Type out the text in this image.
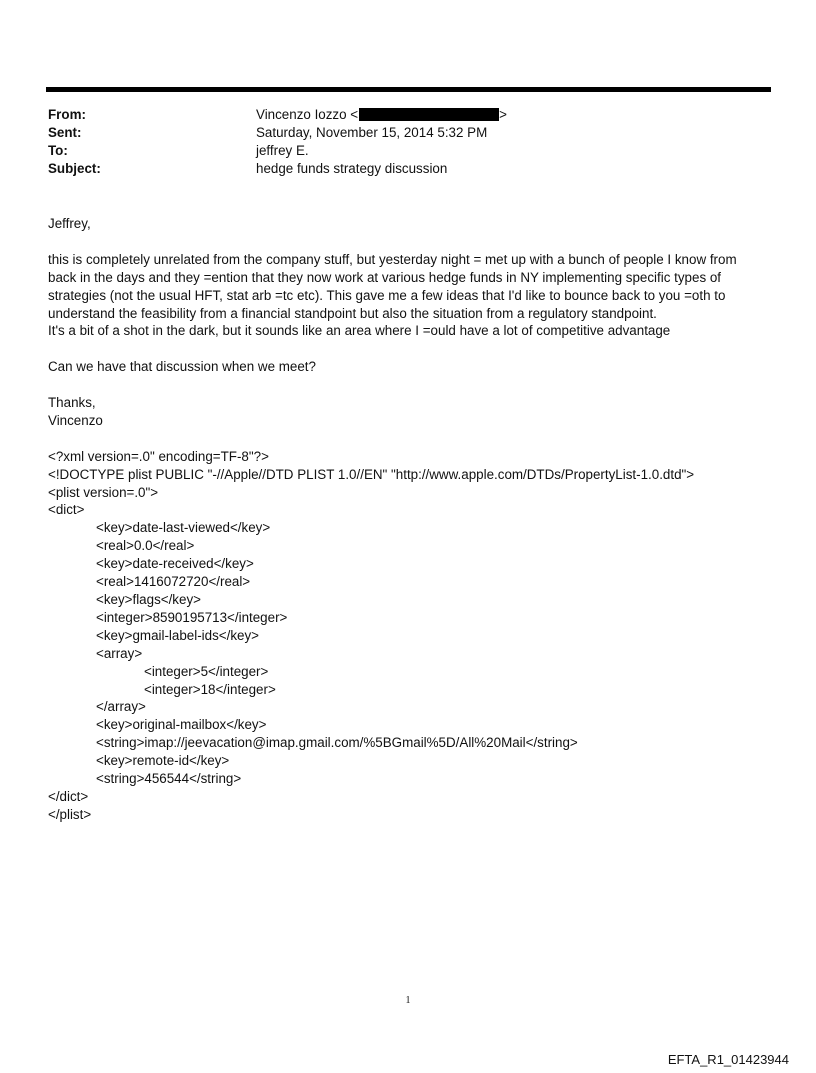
From:	Vincenzo Iozzo <	>
Sent:	Saturday, November 15, 2014 5:32 PM
To:	jeffrey E.
Subject:	hedge funds strategy discussion

Jeffrey,

this is completely unrelated from the company stuff, but yesterday night = met up with a bunch of people I know from

back in the days and they =ention that they now work at various hedge funds in NY implementing specific types of

strategies (not the usual HFT, stat arb =tc etc). This gave me a few ideas that I'd like to bounce back to you =oth to

understand the feasibility from a financial standpoint but also the situation from a regulatory standpoint.

It's a bit of a shot in the dark, but it sounds like an area where I =ould have a lot of competitive advantage

Can we have that discussion when we meet?

Thanks,

Vincenzo

<?xml version=.0" encoding=TF-8"?>

<!DOCTYPE plist PUBLIC "-//Apple//DTD PLIST 1.0//EN" "http://www.apple.com/DTDs/PropertyList-1.0.dtd">

<plist version=.0">

<dict>

<key>date-last-viewed</key>

<real>0.0</real>

<key>date-received</key>

<real>1416072720</real>

<key>flags</key>

<integer>8590195713</integer>

<key>gmail-label-ids</key>

<array>

<integer>5</integer>

<integer>18</integer>

</array>

<key>original-mailbox</key>

<string>imap://jeevacation@imap.gmail.com/%5BGmail%5D/All%20Mail</string>

<key>remote-id</key>

<string>456544</string>

</dict>

</plist>

1
EFTA_R1_01423944
